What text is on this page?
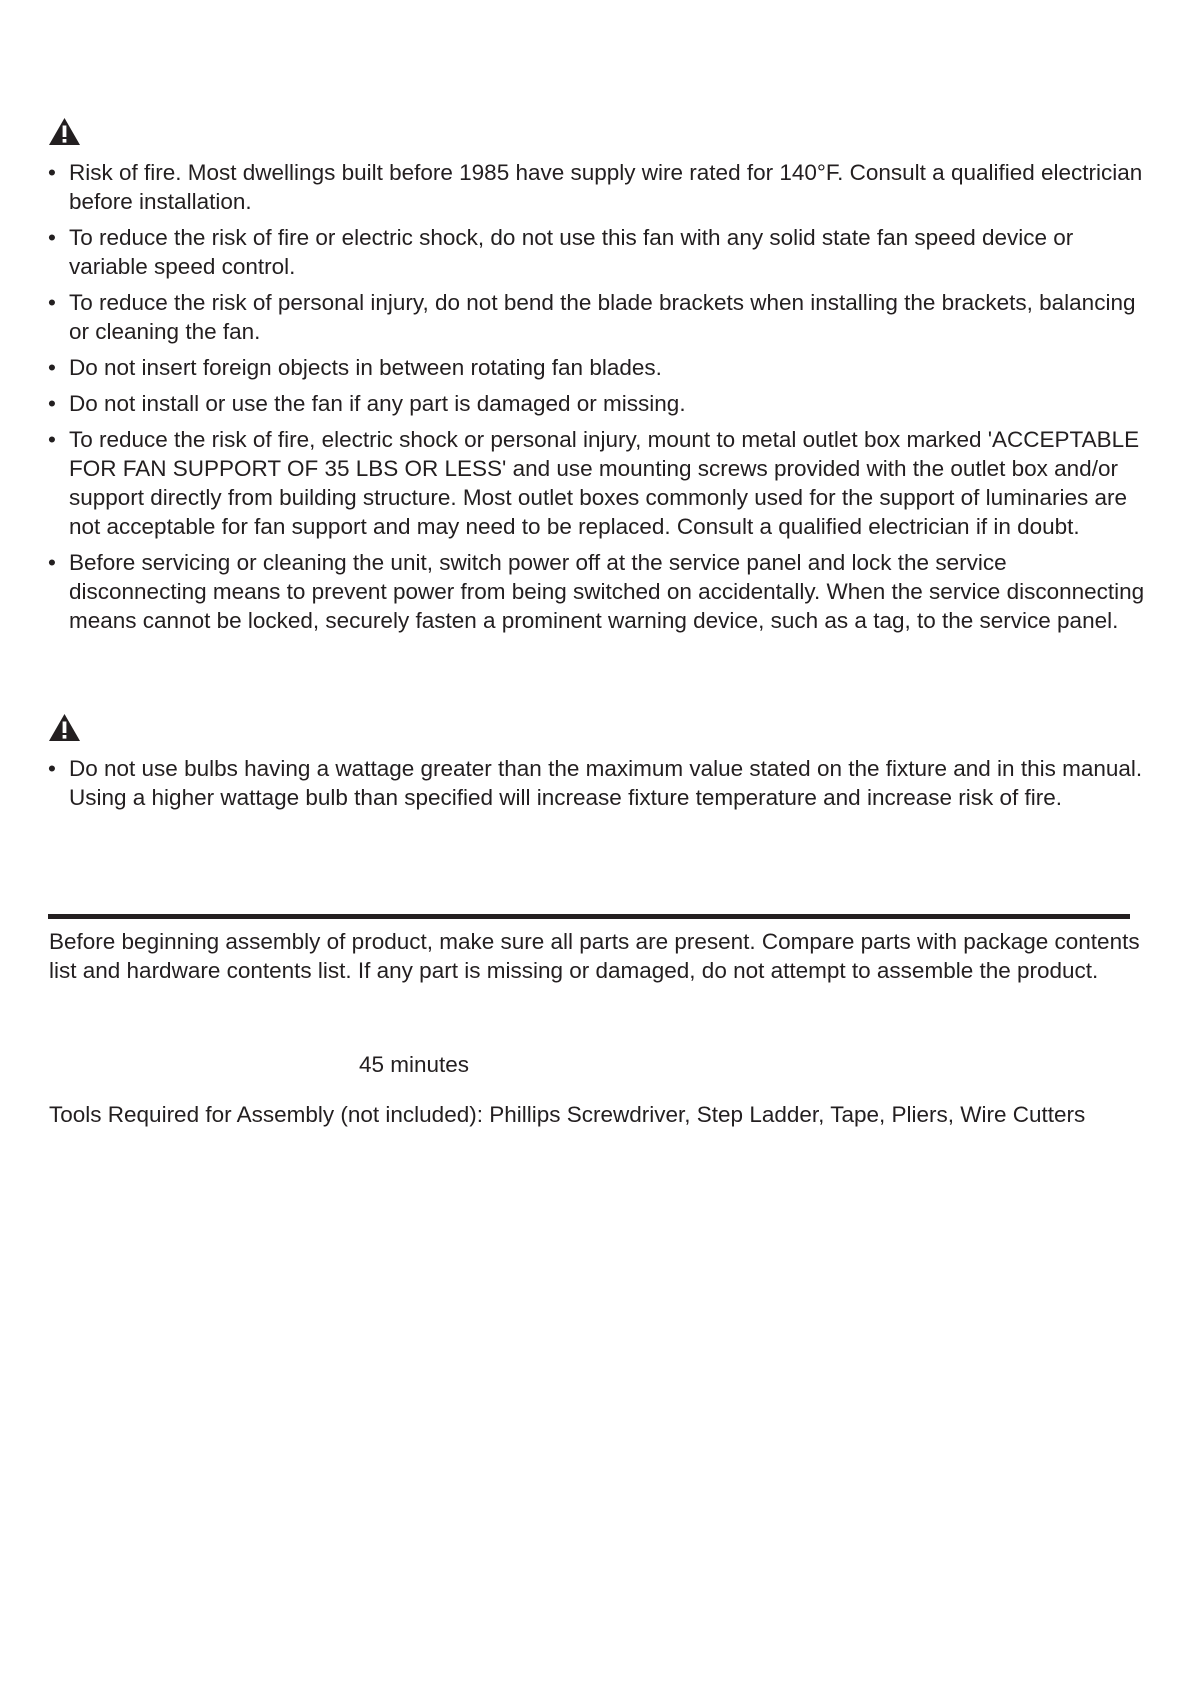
• Risk of fire. Most dwellings built before 1985 have supply wire rated for 140°F. Consult a qualified electrician before installation.
• To reduce the risk of fire or electric shock, do not use this fan with any solid state fan speed device or variable speed control.
• To reduce the risk of personal injury, do not bend the blade brackets when installing the brackets, balancing or cleaning the fan.
• Do not insert foreign objects in between rotating fan blades.
• Do not install or use the fan if any part is damaged or missing.
• To reduce the risk of fire, electric shock or personal injury, mount to metal outlet box marked 'ACCEPTABLE FOR FAN SUPPORT OF 35 LBS OR LESS' and use mounting screws provided with the outlet box and/or support directly from building structure. Most outlet boxes commonly used for the support of luminaries are not acceptable for fan support and may need to be replaced. Consult a qualified electrician if in doubt.
• Before servicing or cleaning the unit, switch power off at the service panel and lock the service disconnecting means to prevent power from being switched on accidentally. When the service disconnecting means cannot be locked, securely fasten a prominent warning device, such as a tag, to the service panel.
• Do not use bulbs having a wattage greater than the maximum value stated on the fixture and in this manual. Using a higher wattage bulb than specified will increase fixture temperature and increase risk of fire.

Before beginning assembly of product, make sure all parts are present. Compare parts with package contents list and hardware contents list. If any part is missing or damaged, do not attempt to assemble the product.

45 minutes

Tools Required for Assembly (not included): Phillips Screwdriver, Step Ladder, Tape, Pliers, Wire Cutters
